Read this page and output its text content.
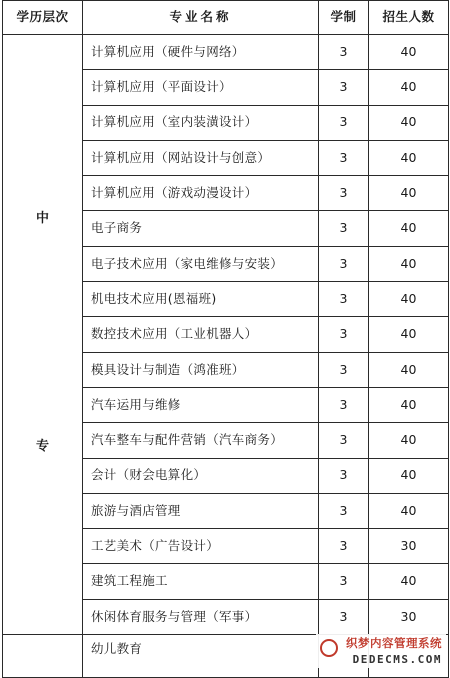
学历层次	专业名称	学制	招生人数

中
专	计算机应用（硬件与网络）	3	40
	计算机应用（平面设计）	3	40
	计算机应用（室内装潢设计）	3	40
	计算机应用（网站设计与创意）	3	40
	计算机应用（游戏动漫设计）	3	40
	电子商务	3	40
	电子技术应用（家电维修与安装）	3	40
	机电技术应用(恩福班)	3	40
	数控技术应用（工业机器人）	3	40
	模具设计与制造（鸿准班）	3	40
	汽车运用与维修	3	40
	汽车整车与配件营销（汽车商务）	3	40
	会计（财会电算化）	3	40
	旅游与酒店管理	3	40
	工艺美术（广告设计）	3	30
	建筑工程施工	3	40
	休闲体育服务与管理（军事）	3	30
	幼儿教育			织梦内容管理系统
DEDECMS.COM
